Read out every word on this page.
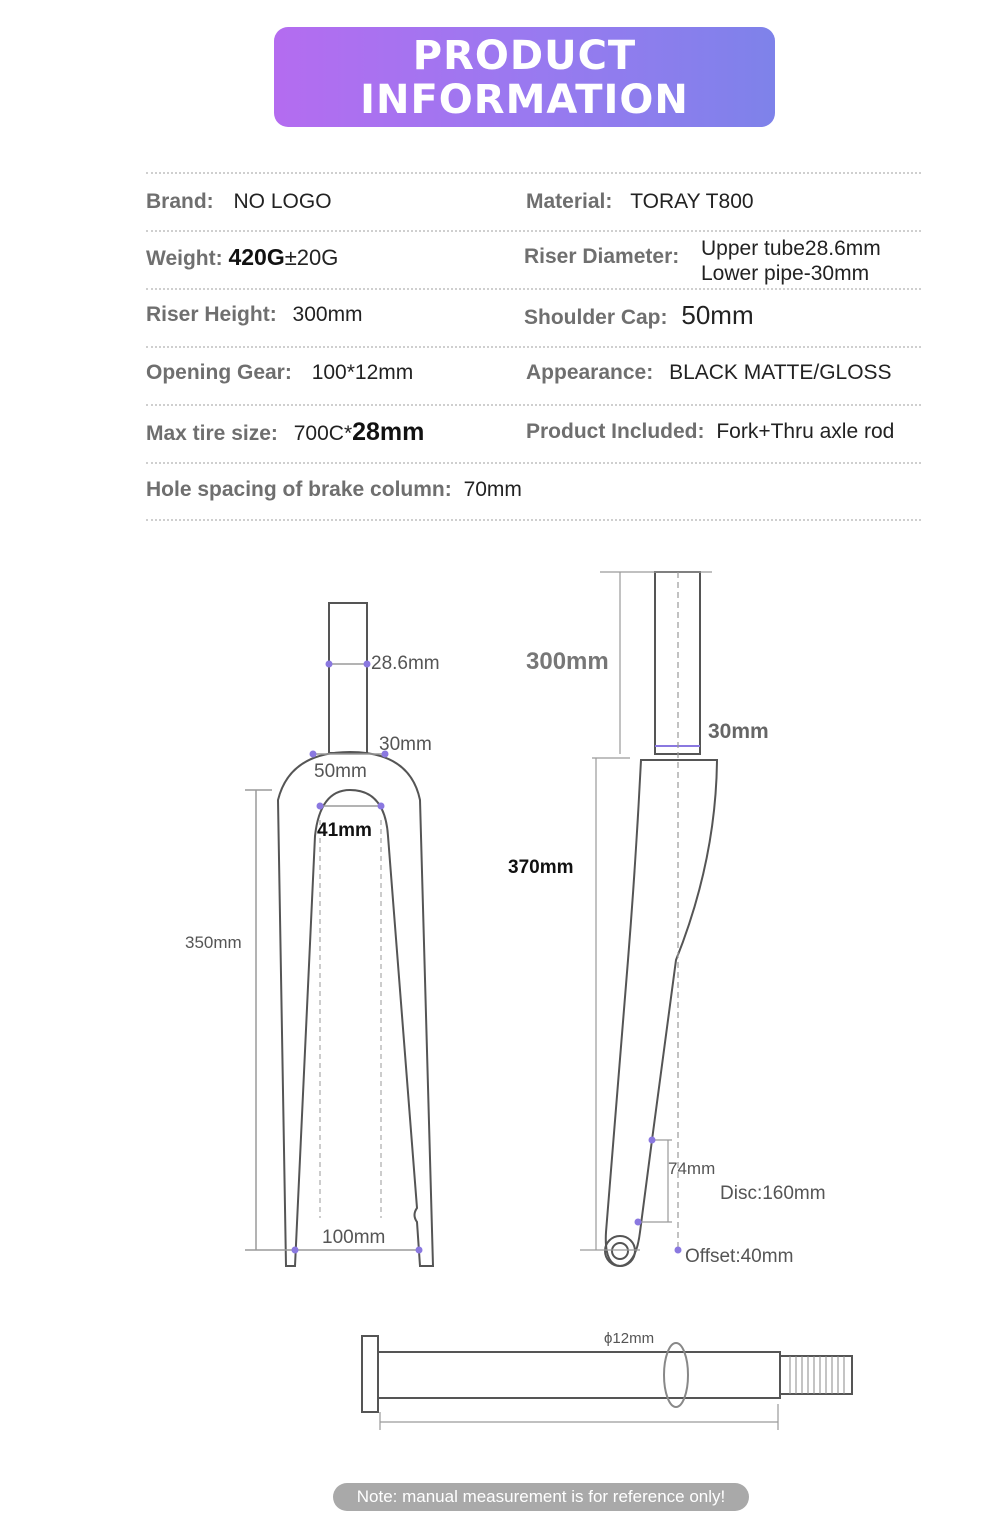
PRODUCT
INFORMATION
Brand: NO LOGO	Material: TORAY T800
Weight: 420G±20G	Riser Diameter: Upper tube28.6mm
Lower pipe-30mm
Riser Height: 300mm	Shoulder Cap: 50mm
Opening Gear: 100*12mm	Appearance: BLACK MATTE/GLOSS
Max tire size: 700C*28mm	Product Included: Fork+Thru axle rod
Hole spacing of brake column: 70mm
28.6mm
30mm
50mm
41mm
350mm
100mm
300mm
30mm
370mm
74mm
Disc:160mm
Offset:40mm
ϕ12mm
Note: manual measurement is for reference only!
